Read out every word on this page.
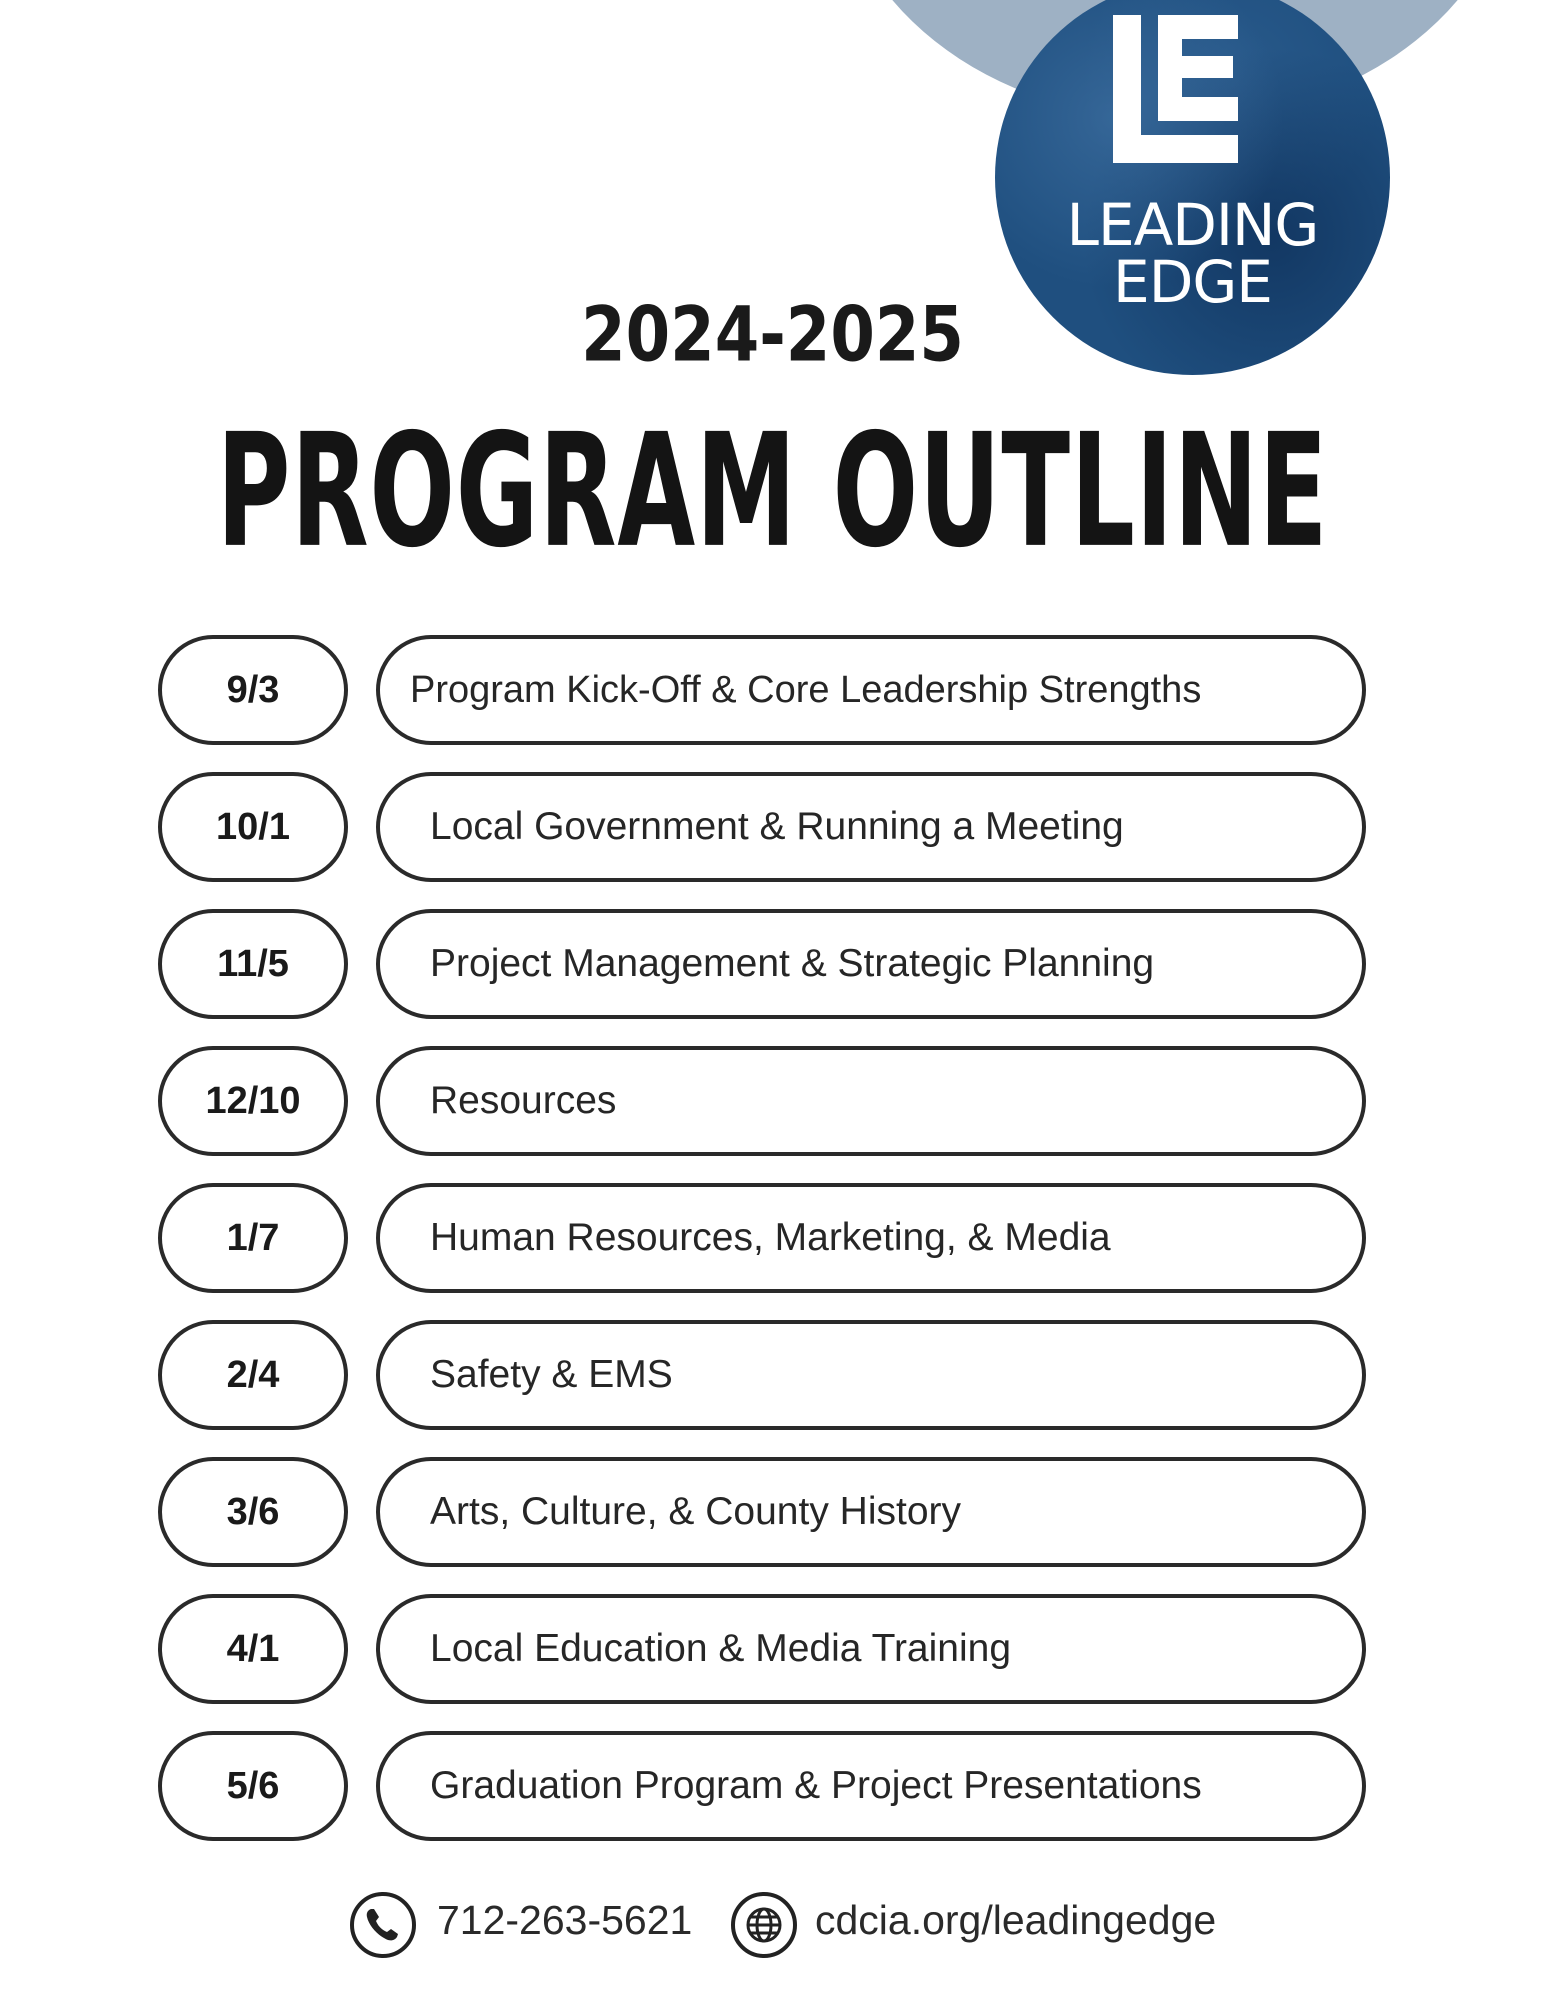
LEADING
EDGE
2024-2025
PROGRAM OUTLINE
9/3	Program Kick-Off & Core Leadership Strengths
10/1	Local Government & Running a Meeting
11/5	Project Management & Strategic Planning
12/10	Resources
1/7	Human Resources, Marketing, & Media
2/4	Safety & EMS
3/6	Arts, Culture, & County History
4/1	Local Education & Media Training
5/6	Graduation Program & Project Presentations
712-263-5621	cdcia.org/leadingedge
